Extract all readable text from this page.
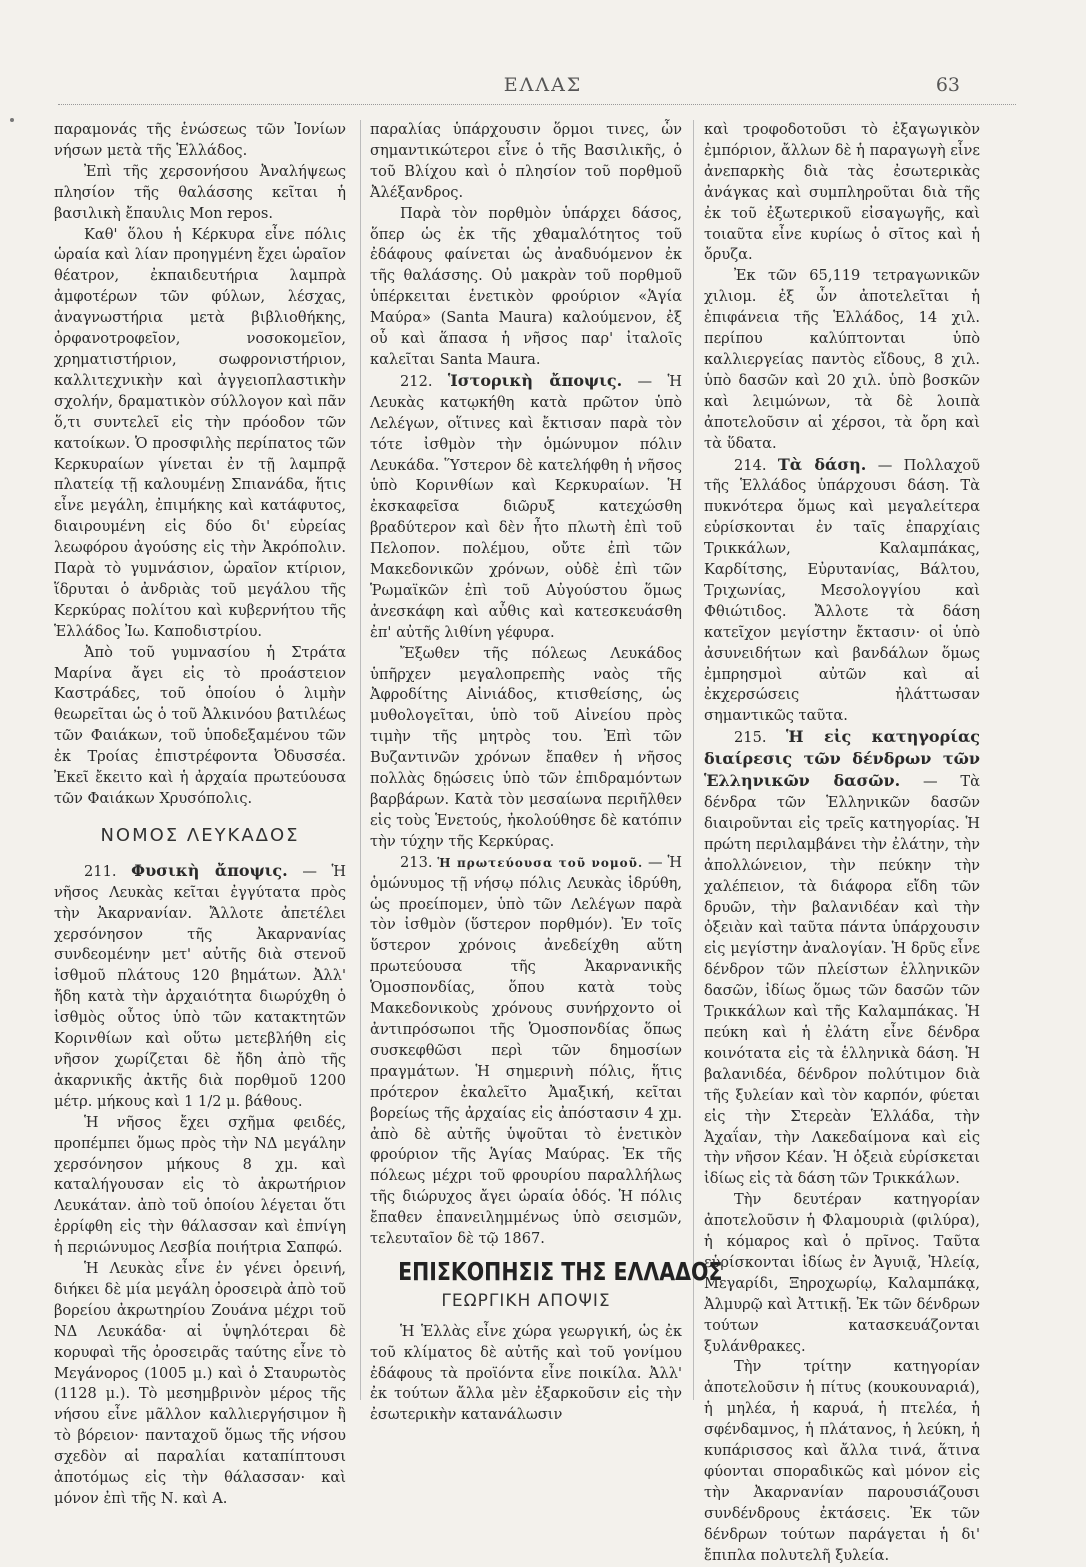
ΕΛΛΑΣ	63

παραμονάς τῆς ἑνώσεως τῶν Ἰονίων νήσων μετὰ τῆς Ἑλλάδος.

Ἐπὶ τῆς χερσονήσου Ἀναλήψεως πλησίον τῆς θαλάσσης κεῖται ἡ βασιλικὴ ἔπαυλις Mon repos.

Καθ' ὅλου ἡ Κέρκυρα εἶνε πόλις ὡραία καὶ λίαν προηγμένη ἔχει ὡραῖον θέατρον, ἐκπαιδευτήρια λαμπρὰ ἀμφοτέρων τῶν φύλων, λέσχας, ἀναγνωστήρια μετὰ βιβλιοθήκης, ὀρφανοτροφεῖον, νοσοκομεῖον, χρηματιστήριον, σωφρονιστήριον, καλλιτεχνικὴν καὶ ἀγγειοπλαστικὴν σχολήν, δραματικὸν σύλλογον καὶ πᾶν ὅ,τι συντελεῖ εἰς τὴν πρόοδον τῶν κατοίκων. Ὁ προσφιλὴς περίπατος τῶν Κερκυραίων γίνεται ἐν τῇ λαμπρᾷ πλατείᾳ τῇ καλουμένῃ Σπιανάδα, ἥτις εἶνε μεγάλη, ἐπιμήκης καὶ κατάφυτος, διαιρουμένη εἰς δύο δι' εὐρείας λεωφόρου ἀγούσης εἰς τὴν Ἀκρόπολιν. Παρὰ τὸ γυμνάσιον, ὡραῖον κτίριον, ἵδρυται ὁ ἀνδριὰς τοῦ μεγάλου τῆς Κερκύρας πολίτου καὶ κυβερνήτου τῆς Ἑλλάδος Ἰω. Καποδιστρίου.

Ἀπὸ τοῦ γυμνασίου ἡ Στράτα Μαρίνα ἄγει εἰς τὸ προάστειον Καστράδες, τοῦ ὁποίου ὁ λιμὴν θεωρεῖται ὡς ὁ τοῦ Ἀλκινόου βατιλέως τῶν Φαιάκων, τοῦ ὑποδεξαμένου τῶν ἐκ Τροίας ἐπιστρέφοντα Ὀδυσσέα. Ἐκεῖ ἔκειτο καὶ ἡ ἀρχαία πρωτεύουσα τῶν Φαιάκων Χρυσόπολις.

ΝΟΜΟΣ ΛΕΥΚΑΔΟΣ

211. Φυσικὴ ἄποψις. — Ἡ νῆσος Λευκὰς κεῖται ἐγγύτατα πρὸς τὴν Ἀκαρνανίαν. Ἄλλοτε ἀπετέλει χερσόνησον τῆς Ἀκαρνανίας συνδεομένην μετ' αὐτῆς διὰ στενοῦ ἰσθμοῦ πλάτους 120 βημάτων. Ἀλλ' ἤδη κατὰ τὴν ἀρχαιότητα διωρύχθη ὁ ἰσθμὸς οὗτος ὑπὸ τῶν κατακτητῶν Κορινθίων καὶ οὕτω μετεβλήθη εἰς νῆσον χωρίζεται δὲ ἤδη ἀπὸ τῆς ἀκαρνικῆς ἀκτῆς διὰ πορθμοῦ 1200 μέτρ. μήκους καὶ 1 1/2 μ. βάθους.

Ἡ νῆσος ἔχει σχῆμα φειδές, προπέμπει ὅμως πρὸς τὴν ΝΔ μεγάλην χερσόνησον μήκους 8 χμ. καὶ καταλήγουσαν εἰς τὸ ἀκρωτήριον Λευκάταν. ἀπὸ τοῦ ὁποίου λέγεται ὅτι ἐρρίφθη εἰς τὴν θάλασσαν καὶ ἐπνίγη ἡ περιώνυμος Λεσβία ποιήτρια Σαπφώ.

Ἡ Λευκὰς εἶνε ἐν γένει ὀρεινή, διήκει δὲ μία μεγάλη ὀροσειρὰ ἀπὸ τοῦ βορείου ἀκρωτηρίου Ζουάνα μέχρι τοῦ ΝΔ Λευκάδα· αἱ ὑψηλότεραι δὲ κορυφαὶ τῆς ὀροσειρᾶς ταύτης εἶνε τὸ Μεγάνορος (1005 μ.) καὶ ὁ Σταυρωτὸς (1128 μ.). Τὸ μεσημβρινὸν μέρος τῆς νήσου εἶνε μᾶλλον καλλιεργήσιμον ἢ τὸ βόρειον· πανταχοῦ ὅμως τῆς νήσου σχεδὸν αἱ παραλίαι καταπίπτουσι ἀποτόμως εἰς τὴν θάλασσαν· καὶ μόνον ἐπὶ τῆς Ν. καὶ Α.

παραλίας ὑπάρχουσιν ὅρμοι τινες, ὧν σημαντικώτεροι εἶνε ὁ τῆς Βασιλικῆς, ὁ τοῦ Βλίχου καὶ ὁ πλησίον τοῦ πορθμοῦ Ἀλέξανδρος.

Παρὰ τὸν πορθμὸν ὑπάρχει δάσος, ὅπερ ὡς ἐκ τῆς χθαμαλότητος τοῦ ἐδάφους φαίνεται ὡς ἀναδυόμενον ἐκ τῆς θαλάσσης. Οὐ μακρὰν τοῦ πορθμοῦ ὑπέρκειται ἑνετικὸν φρούριον «Ἁγία Μαύρα» (Santa Maura) καλούμενον, ἐξ οὗ καὶ ἅπασα ἡ νῆσος παρ' ἰταλοῖς καλεῖται Santa Maura.

212. Ἱστορικὴ ἄποψις. — Ἡ Λευκὰς κατῳκήθη κατὰ πρῶτον ὑπὸ Λελέγων, οἵτινες καὶ ἔκτισαν παρὰ τὸν τότε ἰσθμὸν τὴν ὁμώνυμον πόλιν Λευκάδα. Ὕστερον δὲ κατελήφθη ἡ νῆσος ὑπὸ Κορινθίων καὶ Κερκυραίων. Ἡ ἐκσκαφεῖσα διῶρυξ κατεχώσθη βραδύτερον καὶ δὲν ἦτο πλωτὴ ἐπὶ τοῦ Πελοπον. πολέμου, οὔτε ἐπὶ τῶν Μακεδονικῶν χρόνων, οὐδὲ ἐπὶ τῶν Ῥωμαϊκῶν ἐπὶ τοῦ Αὐγούστου ὅμως ἀνεσκάφη καὶ αὖθις καὶ κατεσκευάσθη ἐπ' αὐτῆς λιθίνη γέφυρα.

Ἔξωθεν τῆς πόλεως Λευκάδος ὑπῆρχεν μεγαλοπρεπὴς ναὸς τῆς Ἀφροδίτης Αἰνιάδος, κτισθείσης, ὡς μυθολογεῖται, ὑπὸ τοῦ Αἰνείου πρὸς τιμὴν τῆς μητρὸς του. Ἐπὶ τῶν Βυζαντινῶν χρόνων ἔπαθεν ἡ νῆσος πολλὰς δῃώσεις ὑπὸ τῶν ἐπιδραμόντων βαρβάρων. Κατὰ τὸν μεσαίωνα περιῆλθεν εἰς τοὺς Ἑνετούς, ἠκολούθησε δὲ κατόπιν τὴν τύχην τῆς Κερκύρας.

213. Ἡ πρωτεύουσα τοῦ νομοῦ. — Ἡ ὁμώνυμος τῇ νήσῳ πόλις Λευκὰς ἱδρύθη, ὡς προείπομεν, ὑπὸ τῶν Λελέγων παρὰ τὸν ἰσθμὸν (ὕστερον πορθμόν). Ἐν τοῖς ὕστερον χρόνοις ἀνεδείχθη αὕτη πρωτεύουσα τῆς Ἀκαρνανικῆς Ὁμοσπονδίας, ὅπου κατὰ τοὺς Μακεδονικοὺς χρόνους συνήρχοντο οἱ ἀντιπρόσωποι τῆς Ὁμοσπονδίας ὅπως συσκεφθῶσι περὶ τῶν δημοσίων πραγμάτων. Ἡ σημερινὴ πόλις, ἥτις πρότερον ἐκαλεῖτο Ἀμαξική, κεῖται βορείως τῆς ἀρχαίας εἰς ἀπόστασιν 4 χμ. ἀπὸ δὲ αὐτῆς ὑψοῦται τὸ ἑνετικὸν φρούριον τῆς Ἁγίας Μαύρας. Ἐκ τῆς πόλεως μέχρι τοῦ φρουρίου παραλλήλως τῆς διώρυχος ἄγει ὡραία ὁδός. Ἡ πόλις ἔπαθεν ἐπανειλημμένως ὑπὸ σεισμῶν, τελευταῖον δὲ τῷ 1867.

ΕΠΙΣΚΟΠΗΣΙΣ ΤΗΣ ΕΛΛΑΔΟΣ
ΓΕΩΡΓΙΚΗ ΑΠΟΨΙΣ

Ἡ Ἑλλὰς εἶνε χώρα γεωργική, ὡς ἐκ τοῦ κλίματος δὲ αὐτῆς καὶ τοῦ γονίμου ἐδάφους τὰ προϊόντα εἶνε ποικίλα. Ἀλλ' ἐκ τούτων ἄλλα μὲν ἐξαρκοῦσιν εἰς τὴν ἐσωτερικὴν κατανάλωσιν

καὶ τροφοδοτοῦσι τὸ ἐξαγωγικὸν ἐμπόριον, ἄλλων δὲ ἡ παραγωγὴ εἶνε ἀνεπαρκὴς διὰ τὰς ἐσωτερικὰς ἀνάγκας καὶ συμπληροῦται διὰ τῆς ἐκ τοῦ ἐξωτερικοῦ εἰσαγωγῆς, καὶ τοιαῦτα εἶνε κυρίως ὁ σῖτος καὶ ἡ ὄρυζα.

Ἐκ τῶν 65,119 τετραγωνικῶν χιλιομ. ἐξ ὧν ἀποτελεῖται ἡ ἐπιφάνεια τῆς Ἑλλάδος, 14 χιλ. περίπου καλύπτονται ὑπὸ καλλιεργείας παντὸς εἴδους, 8 χιλ. ὑπὸ δασῶν καὶ 20 χιλ. ὑπὸ βοσκῶν καὶ λειμώνων, τὰ δὲ λοιπὰ ἀποτελοῦσιν αἱ χέρσοι, τὰ ὄρη καὶ τὰ ὕδατα.

214. Τὰ δάση. — Πολλαχοῦ τῆς Ἑλλάδος ὑπάρχουσι δάση. Τὰ πυκνότερα ὅμως καὶ μεγαλείτερα εὑρίσκονται ἐν ταῖς ἐπαρχίαις Τρικκάλων, Καλαμπάκας, Καρδίτσης, Εὐρυτανίας, Βάλτου, Τριχωνίας, Μεσολογγίου καὶ Φθιώτιδος. Ἄλλοτε τὰ δάση κατεῖχον μεγίστην ἔκτασιν· οἱ ὑπὸ ἀσυνειδήτων καὶ βανδάλων ὅμως ἐμπρησμοὶ αὐτῶν καὶ αἱ ἐκχερσώσεις ἠλάττωσαν σημαντικῶς ταῦτα.

215. Ἡ εἰς κατηγορίας διαίρεσις τῶν δένδρων τῶν Ἑλληνικῶν δασῶν. — Τὰ δένδρα τῶν Ἑλληνικῶν δασῶν διαιροῦνται εἰς τρεῖς κατηγορίας. Ἡ πρώτη περιλαμβάνει τὴν ἐλάτην, τὴν ἀπολλώνειον, τὴν πεύκην τὴν χαλέπειον, τὰ διάφορα εἴδη τῶν δρυῶν, τὴν βαλανιδέαν καὶ τὴν ὀξειὰν καὶ ταῦτα πάντα ὑπάρχουσιν εἰς μεγίστην ἀναλογίαν. Ἡ δρῦς εἶνε δένδρον τῶν πλείστων ἑλληνικῶν δασῶν, ἰδίως ὅμως τῶν δασῶν τῶν Τρικκάλων καὶ τῆς Καλαμπάκας. Ἡ πεύκη καὶ ἡ ἐλάτη εἶνε δένδρα κοινότατα εἰς τὰ ἑλληνικὰ δάση. Ἡ βαλανιδέα, δένδρον πολύτιμον διὰ τῆς ξυλείαν καὶ τὸν καρπόν, φύεται εἰς τὴν Στερεὰν Ἑλλάδα, τὴν Ἀχαΐαν, τὴν Λακεδαίμονα καὶ εἰς τὴν νῆσον Κέαν. Ἡ ὀξειὰ εὑρίσκεται ἰδίως εἰς τὰ δάση τῶν Τρικκάλων.

Τὴν δευτέραν κατηγορίαν ἀποτελοῦσιν ἡ Φλαμουριὰ (φιλύρα), ἡ κόμαρος καὶ ὁ πρῖνος. Ταῦτα εὑρίσκονται ἰδίως ἐν Ἀγυιᾷ, Ἠλείᾳ, Μεγαρίδι, Ξηροχωρίῳ, Καλαμπάκᾳ, Ἀλμυρῷ καὶ Ἀττικῇ. Ἐκ τῶν δένδρων τούτων κατασκευάζονται ξυλάνθρακες.

Τὴν τρίτην κατηγορίαν ἀποτελοῦσιν ἡ πίτυς (κουκουναριά), ἡ μηλέα, ἡ καρυά, ἡ πτελέα, ἡ σφένδαμνος, ἡ πλάτανος, ἡ λεύκη, ἡ κυπάρισσος καὶ ἄλλα τινά, ἅτινα φύονται σποραδικῶς καὶ μόνον εἰς τὴν Ἀκαρνανίαν παρουσιάζουσι συνδένδρους ἐκτάσεις. Ἐκ τῶν δένδρων τούτων παράγεται ἡ δι' ἔπιπλα πολυτελῆ ξυλεία.
